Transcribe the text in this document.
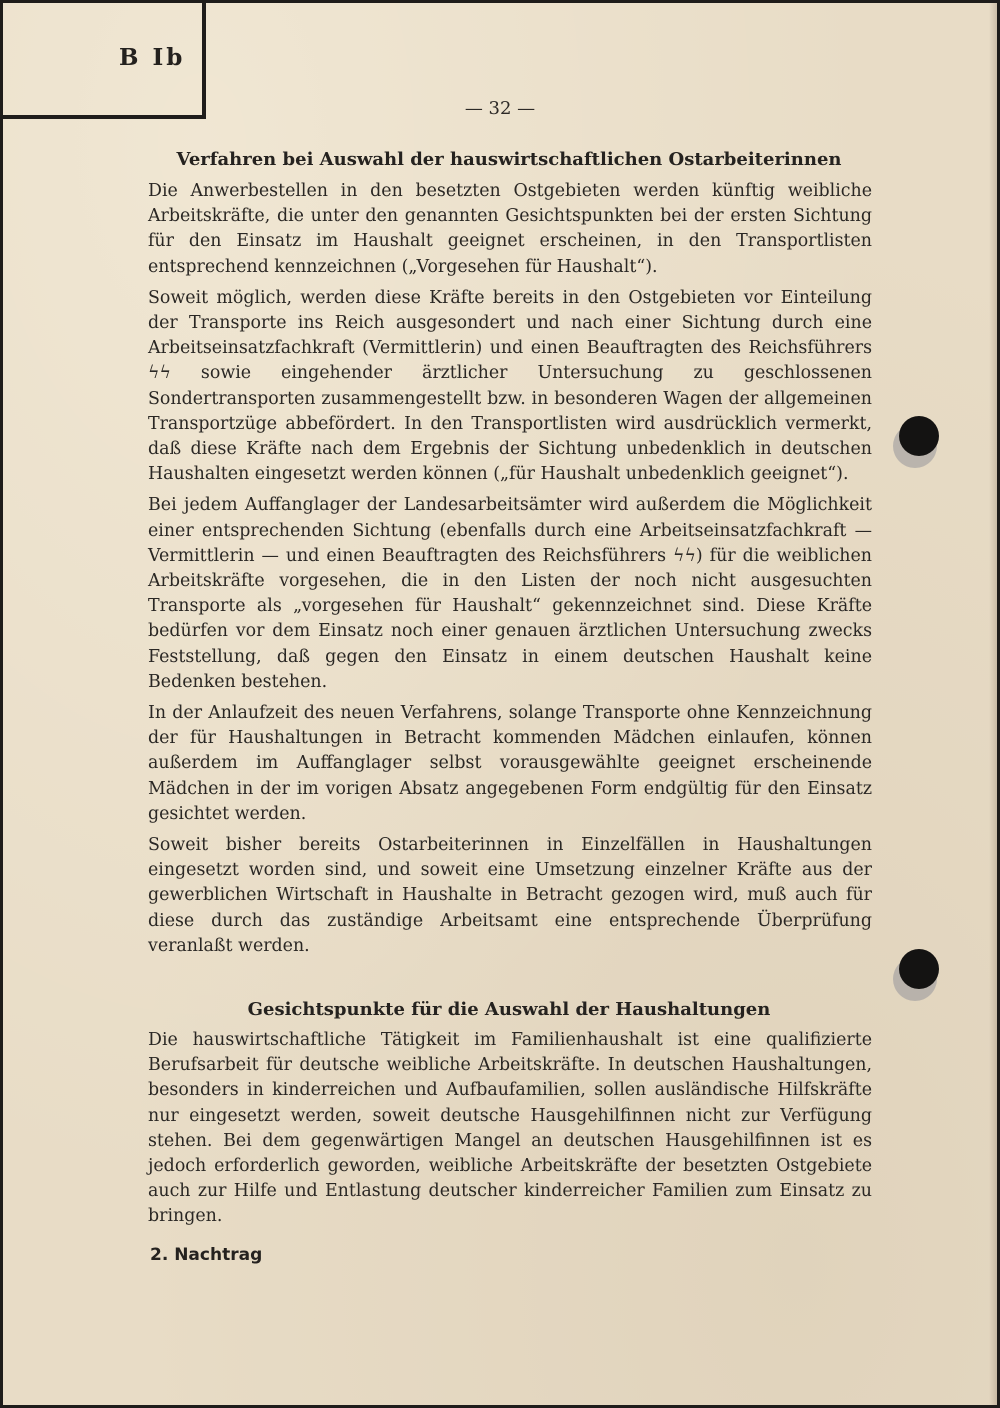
B Ib
— 32 —
Verfahren bei Auswahl der hauswirtschaftlichen Ostarbeiterinnen

Die Anwerbestellen in den besetzten Ostgebieten werden künftig weibliche Arbeitskräfte, die unter den genannten Gesichtspunkten bei der ersten Sichtung für den Einsatz im Haushalt geeignet erscheinen, in den Transportlisten entsprechend kennzeichnen („Vorgesehen für Haushalt“).

Soweit möglich, werden diese Kräfte bereits in den Ostgebieten vor Einteilung der Transporte ins Reich ausgesondert und nach einer Sichtung durch eine Arbeitseinsatzfachkraft (Vermittlerin) und einen Beauftragten des Reichsführers ϟϟ sowie eingehender ärztlicher Untersuchung zu geschlossenen Sondertransporten zusammengestellt bzw. in besonderen Wagen der allgemeinen Transportzüge abbefördert. In den Transportlisten wird ausdrücklich vermerkt, daß diese Kräfte nach dem Ergebnis der Sichtung unbedenklich in deutschen Haushalten eingesetzt werden können („für Haushalt unbedenklich geeignet“).

Bei jedem Auffanglager der Landesarbeitsämter wird außerdem die Möglichkeit einer entsprechenden Sichtung (ebenfalls durch eine Arbeitseinsatzfachkraft — Vermittlerin — und einen Beauftragten des Reichsführers ϟϟ) für die weiblichen Arbeitskräfte vorgesehen, die in den Listen der noch nicht ausgesuchten Transporte als „vorgesehen für Haushalt“ gekennzeichnet sind. Diese Kräfte bedürfen vor dem Einsatz noch einer genauen ärztlichen Untersuchung zwecks Feststellung, daß gegen den Einsatz in einem deutschen Haushalt keine Bedenken bestehen.

In der Anlaufzeit des neuen Verfahrens, solange Transporte ohne Kennzeichnung der für Haushaltungen in Betracht kommenden Mädchen einlaufen, können außerdem im Auffanglager selbst vorausgewählte geeignet erscheinende Mädchen in der im vorigen Absatz angegebenen Form endgültig für den Einsatz gesichtet werden.

Soweit bisher bereits Ostarbeiterinnen in Einzelfällen in Haushaltungen eingesetzt worden sind, und soweit eine Umsetzung einzelner Kräfte aus der gewerblichen Wirtschaft in Haushalte in Betracht gezogen wird, muß auch für diese durch das zuständige Arbeitsamt eine entsprechende Überprüfung veranlaßt werden.

Gesichtspunkte für die Auswahl der Haushaltungen

Die hauswirtschaftliche Tätigkeit im Familienhaushalt ist eine qualifizierte Berufsarbeit für deutsche weibliche Arbeitskräfte. In deutschen Haushaltungen, besonders in kinderreichen und Aufbaufamilien, sollen ausländische Hilfskräfte nur eingesetzt werden, soweit deutsche Hausgehilfinnen nicht zur Verfügung stehen. Bei dem gegenwärtigen Mangel an deutschen Hausgehilfinnen ist es jedoch erforderlich geworden, weibliche Arbeitskräfte der besetzten Ostgebiete auch zur Hilfe und Entlastung deutscher kinderreicher Familien zum Einsatz zu bringen.

2. Nachtrag
